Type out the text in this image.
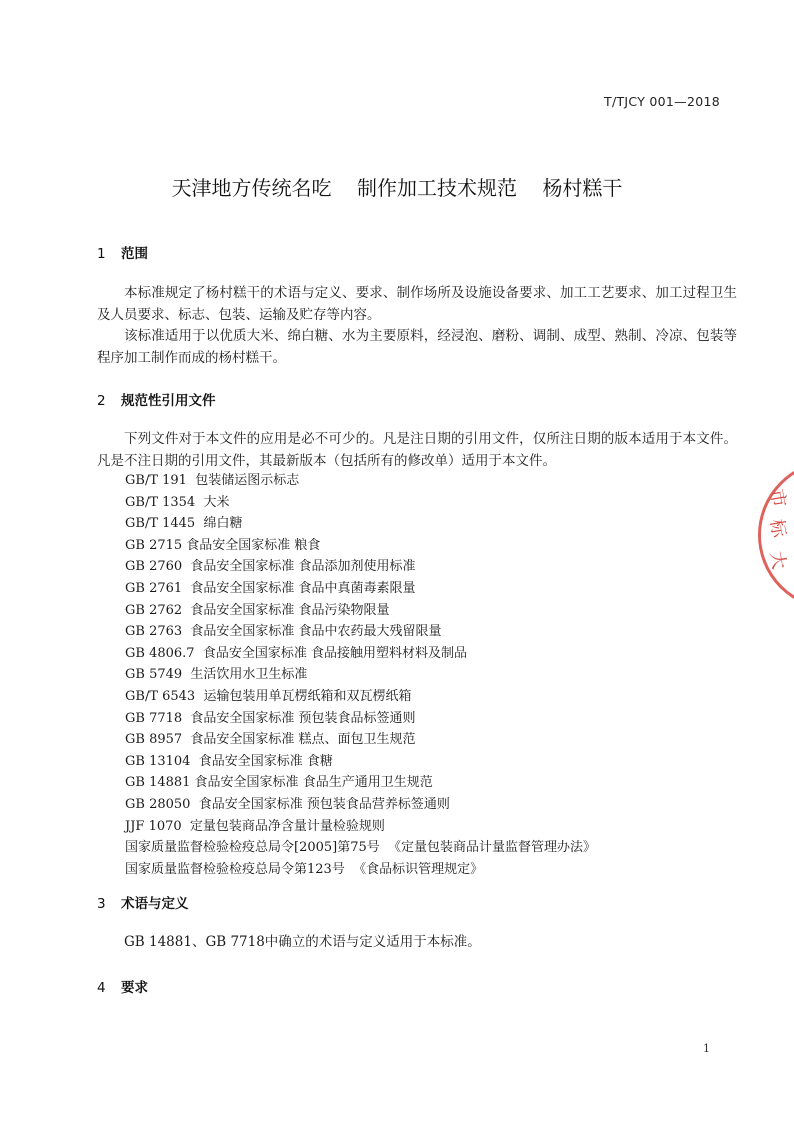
T/TJCY 001—2018
天津地方传统名吃 制作加工技术规范 杨村糕干
1 范围
本标准规定了杨村糕干的术语与定义、要求、制作场所及设施设备要求、加工工艺要求、加工过程卫生及人员要求、标志、包装、运输及贮存等内容。
该标准适用于以优质大米、绵白糖、水为主要原料，经浸泡、磨粉、调制、成型、熟制、冷凉、包装等程序加工制作而成的杨村糕干。
2 规范性引用文件
下列文件对于本文件的应用是必不可少的。凡是注日期的引用文件，仅所注日期的版本适用于本文件。凡是不注日期的引用文件，其最新版本（包括所有的修改单）适用于本文件。
GB/T 191  包装储运图示标志
GB/T 1354  大米
GB/T 1445  绵白糖
GB 2715 食品安全国家标准 粮食
GB 2760  食品安全国家标准 食品添加剂使用标准
GB 2761  食品安全国家标准 食品中真菌毒素限量
GB 2762  食品安全国家标准 食品污染物限量
GB 2763  食品安全国家标准 食品中农药最大残留限量
GB 4806.7  食品安全国家标准 食品接触用塑料材料及制品
GB 5749  生活饮用水卫生标准
GB/T 6543  运输包装用单瓦楞纸箱和双瓦楞纸箱
GB 7718  食品安全国家标准 预包装食品标签通则
GB 8957  食品安全国家标准 糕点、面包卫生规范
GB 13104  食品安全国家标准 食糖
GB 14881 食品安全国家标准 食品生产通用卫生规范
GB 28050  食品安全国家标准 预包装食品营养标签通则
JJF 1070  定量包装商品净含量计量检验规则
国家质量监督检验检疫总局令[2005]第75号  《定量包装商品计量监督管理办法》
国家质量监督检验检疫总局令第123号  《食品标识管理规定》
3 术语与定义
GB 14881、GB 7718中确立的术语与定义适用于本标准。
4 要求
1
市
标
大
